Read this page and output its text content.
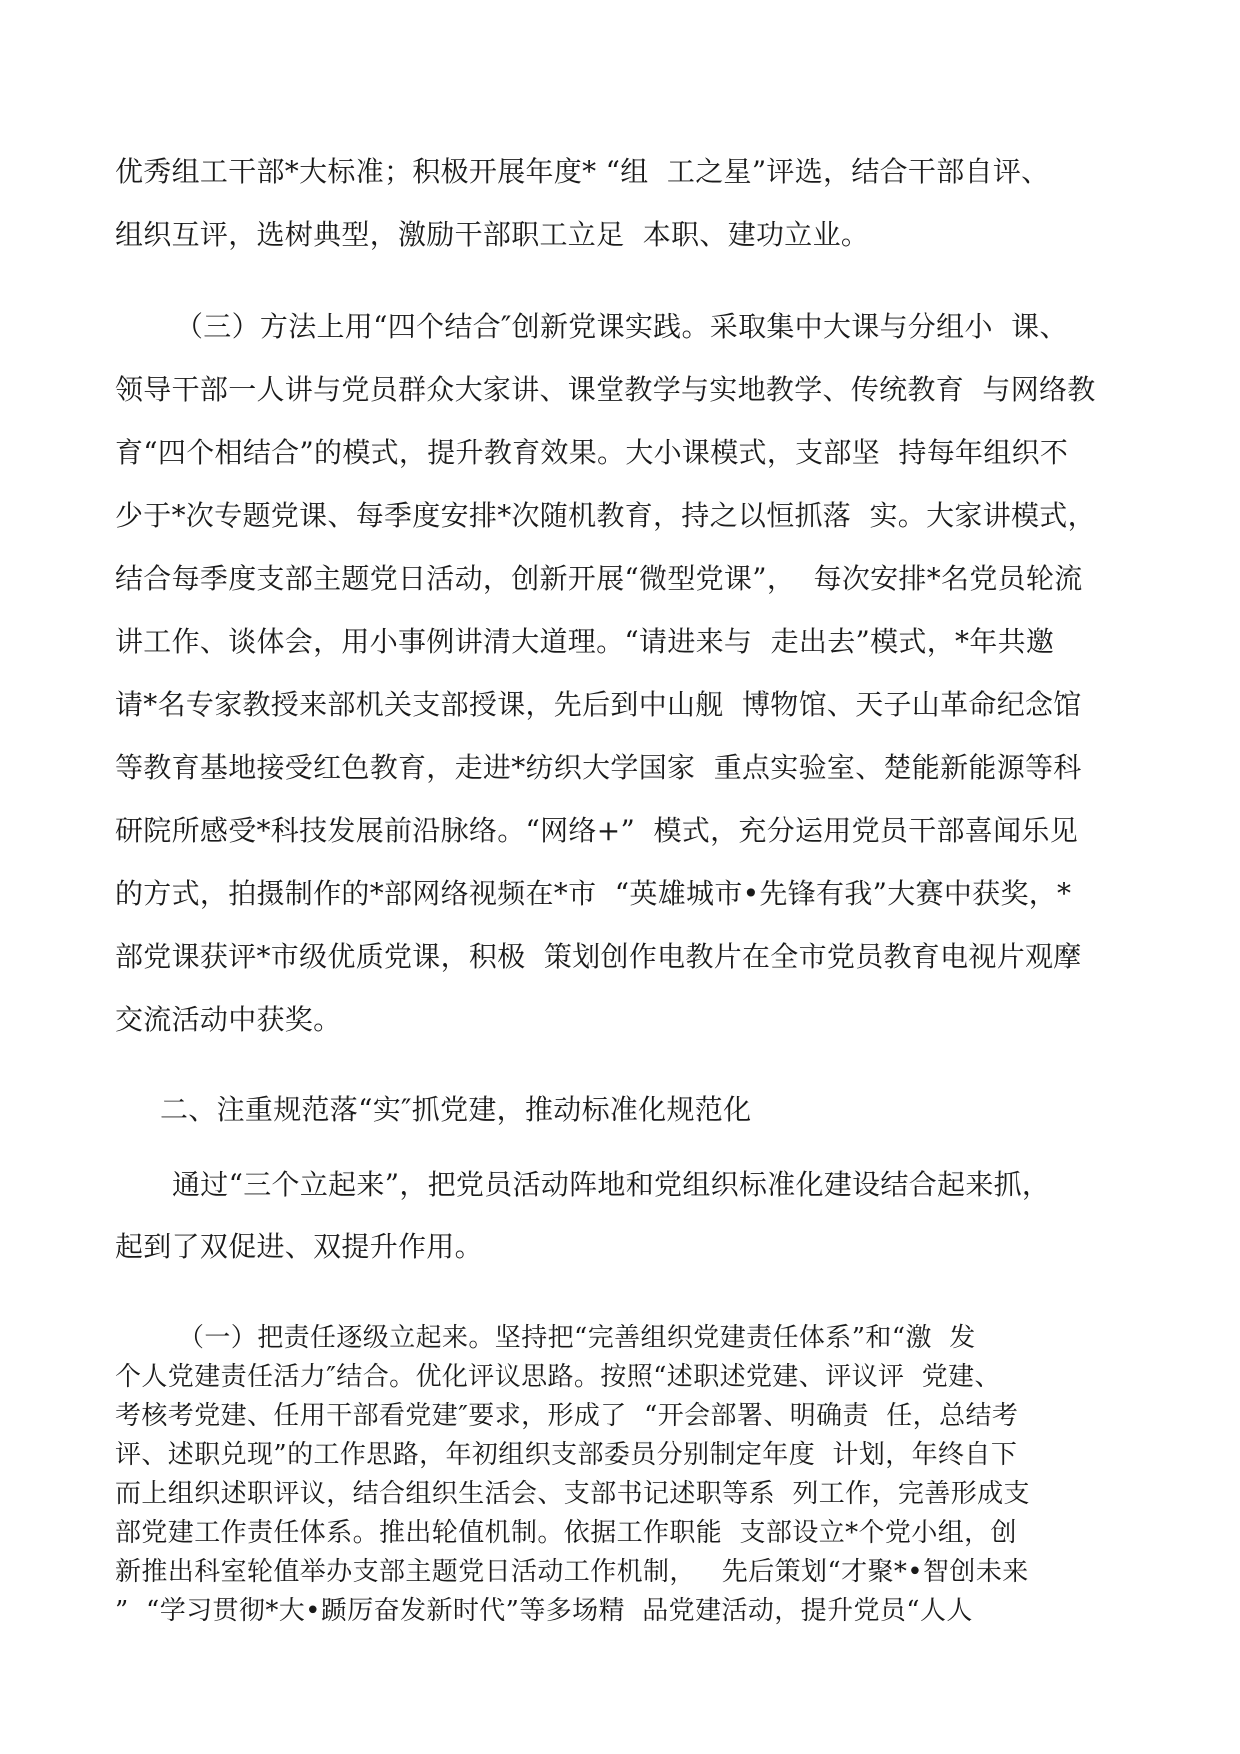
优秀组工干部*大标准；积极开展年度* “组  工之星”评选，结合干部自评、
组织互评，选树典型，激励干部职工立足  本职、建功立业。
（三）方法上用“四个结合″创新党课实践。采取集中大课与分组小  课、
领导干部一人讲与党员群众大家讲、课堂教学与实地教学、传统教育  与网络教
育“四个相结合”的模式，提升教育效果。大小课模式，支部坚  持每年组织不
少于*次专题党课、每季度安排*次随机教育，持之以恒抓落  实。大家讲模式，
结合每季度支部主题党日活动，创新开展“微型党课”，  每次安排*名党员轮流
讲工作、谈体会，用小事例讲清大道理。“请进来与  走出去”模式，*年共邀
请*名专家教授来部机关支部授课，先后到中山舰  博物馆、天子山革命纪念馆
等教育基地接受红色教育，走进*纺织大学国家  重点实验室、楚能新能源等科
研院所感受*科技发展前沿脉络。“网络+”  模式，充分运用党员干部喜闻乐见
的方式，拍摄制作的*部网络视频在*市  “英雄城市•先锋有我”大赛中获奖，*
部党课获评*市级优质党课，积极  策划创作电教片在全市党员教育电视片观摩
交流活动中获奖。
二、注重规范落“实″抓党建，推动标准化规范化
通过“三个立起来”，把党员活动阵地和党组织标准化建设结合起来抓，
起到了双促进、双提升作用。
（一）把责任逐级立起来。坚持把“完善组织党建责任体系”和“激  发
个人党建责任活力″结合。优化评议思路。按照“述职述党建、评议评  党建、
考核考党建、任用干部看党建″要求，形成了  “开会部署、明确责  任，总结考
评、述职兑现”的工作思路，年初组织支部委员分别制定年度  计划，年终自下
而上组织述职评议，结合组织生活会、支部书记述职等系  列工作，完善形成支
部党建工作责任体系。推出轮值机制。依据工作职能  支部设立*个党小组，创
新推出科室轮值举办支部主题党日活动工作机制，   先后策划“才聚*•智创未来
”  “学习贯彻*大•踬厉奋发新时代”等多场精  品党建活动，提升党员“人人
